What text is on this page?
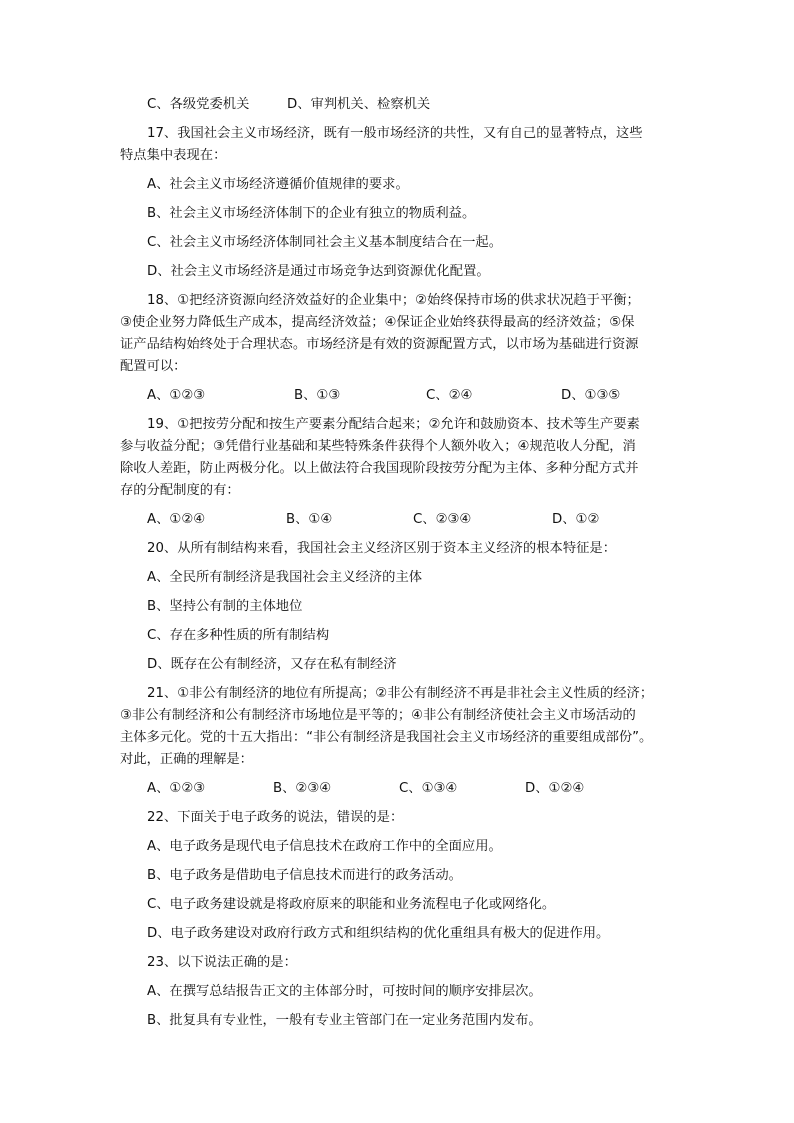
C、各级党委机关	D、审判机关、检察机关
17、我国社会主义市场经济，既有一般市场经济的共性，又有自己的显著特点，这些
特点集中表现在：
A、社会主义市场经济遵循价值规律的要求。
B、社会主义市场经济体制下的企业有独立的物质利益。
C、社会主义市场经济体制同社会主义基本制度结合在一起。
D、社会主义市场经济是通过市场竞争达到资源优化配置。
18、①把经济资源向经济效益好的企业集中；②始终保持市场的供求状况趋于平衡；
③使企业努力降低生产成本，提高经济效益；④保证企业始终获得最高的经济效益；⑤保
证产品结构始终处于合理状态。市场经济是有效的资源配置方式，以市场为基础进行资源
配置可以：
A、①②③	B、①③	C、②④	D、①③⑤
19、①把按劳分配和按生产要素分配结合起来；②允许和鼓励资本、技术等生产要素
参与收益分配；③凭借行业基础和某些特殊条件获得个人额外收入；④规范收人分配，消
除收人差距，防止两极分化。以上做法符合我国现阶段按劳分配为主体、多种分配方式并
存的分配制度的有：
A、①②④	B、①④	C、②③④	D、①②
20、从所有制结构来看，我国社会主义经济区别于资本主义经济的根本特征是：
A、全民所有制经济是我国社会主义经济的主体
B、坚持公有制的主体地位
C、存在多种性质的所有制结构
D、既存在公有制经济，又存在私有制经济
21、①非公有制经济的地位有所提高；②非公有制经济不再是非社会主义性质的经济；
③非公有制经济和公有制经济市场地位是平等的；④非公有制经济使社会主义市场活动的
主体多元化。党的十五大指出：“非公有制经济是我国社会主义市场经济的重要组成部份”。
对此，正确的理解是：
A、①②③	B、②③④	C、①③④	D、①②④
22、下面关于电子政务的说法，错误的是：
A、电子政务是现代电子信息技术在政府工作中的全面应用。
B、电子政务是借助电子信息技术而进行的政务活动。
C、电子政务建设就是将政府原来的职能和业务流程电子化或网络化。
D、电子政务建设对政府行政方式和组织结构的优化重组具有极大的促进作用。
23、以下说法正确的是：
A、在撰写总结报告正文的主体部分时，可按时间的顺序安排层次。
B、批复具有专业性，一般有专业主管部门在一定业务范围内发布。
